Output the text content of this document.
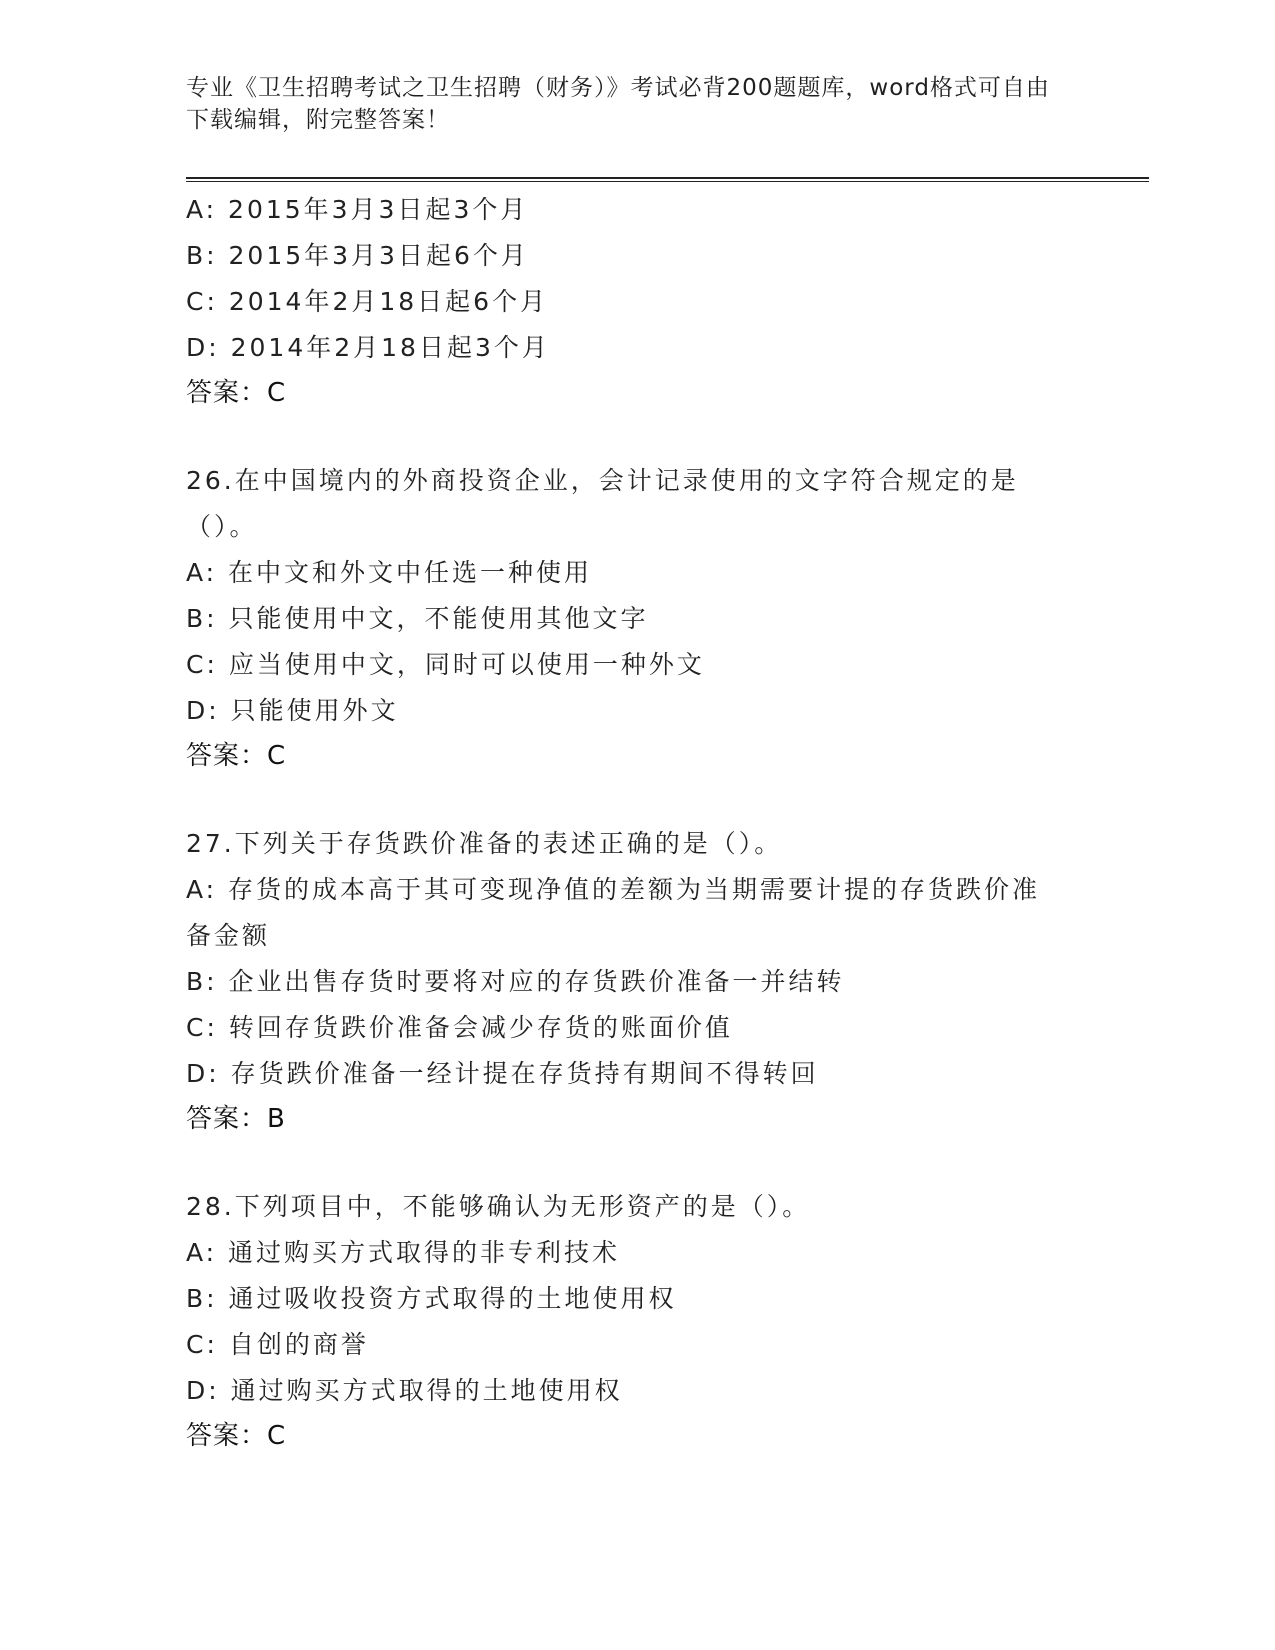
专业《卫生招聘考试之卫生招聘（财务）》考试必背200题题库，word格式可自由下载编辑，附完整答案！
A: 2015年3月3日起3个月
B: 2015年3月3日起6个月
C: 2014年2月18日起6个月
D: 2014年2月18日起3个月
答案：C
26.在中国境内的外商投资企业，会计记录使用的文字符合规定的是（）。
A: 在中文和外文中任选一种使用
B: 只能使用中文，不能使用其他文字
C: 应当使用中文，同时可以使用一种外文
D: 只能使用外文
答案：C
27.下列关于存货跌价准备的表述正确的是（）。
A: 存货的成本高于其可变现净值的差额为当期需要计提的存货跌价准备金额
B: 企业出售存货时要将对应的存货跌价准备一并结转
C: 转回存货跌价准备会减少存货的账面价值
D: 存货跌价准备一经计提在存货持有期间不得转回
答案：B
28.下列项目中，不能够确认为无形资产的是（）。
A: 通过购买方式取得的非专利技术
B: 通过吸收投资方式取得的土地使用权
C: 自创的商誉
D: 通过购买方式取得的土地使用权
答案：C
